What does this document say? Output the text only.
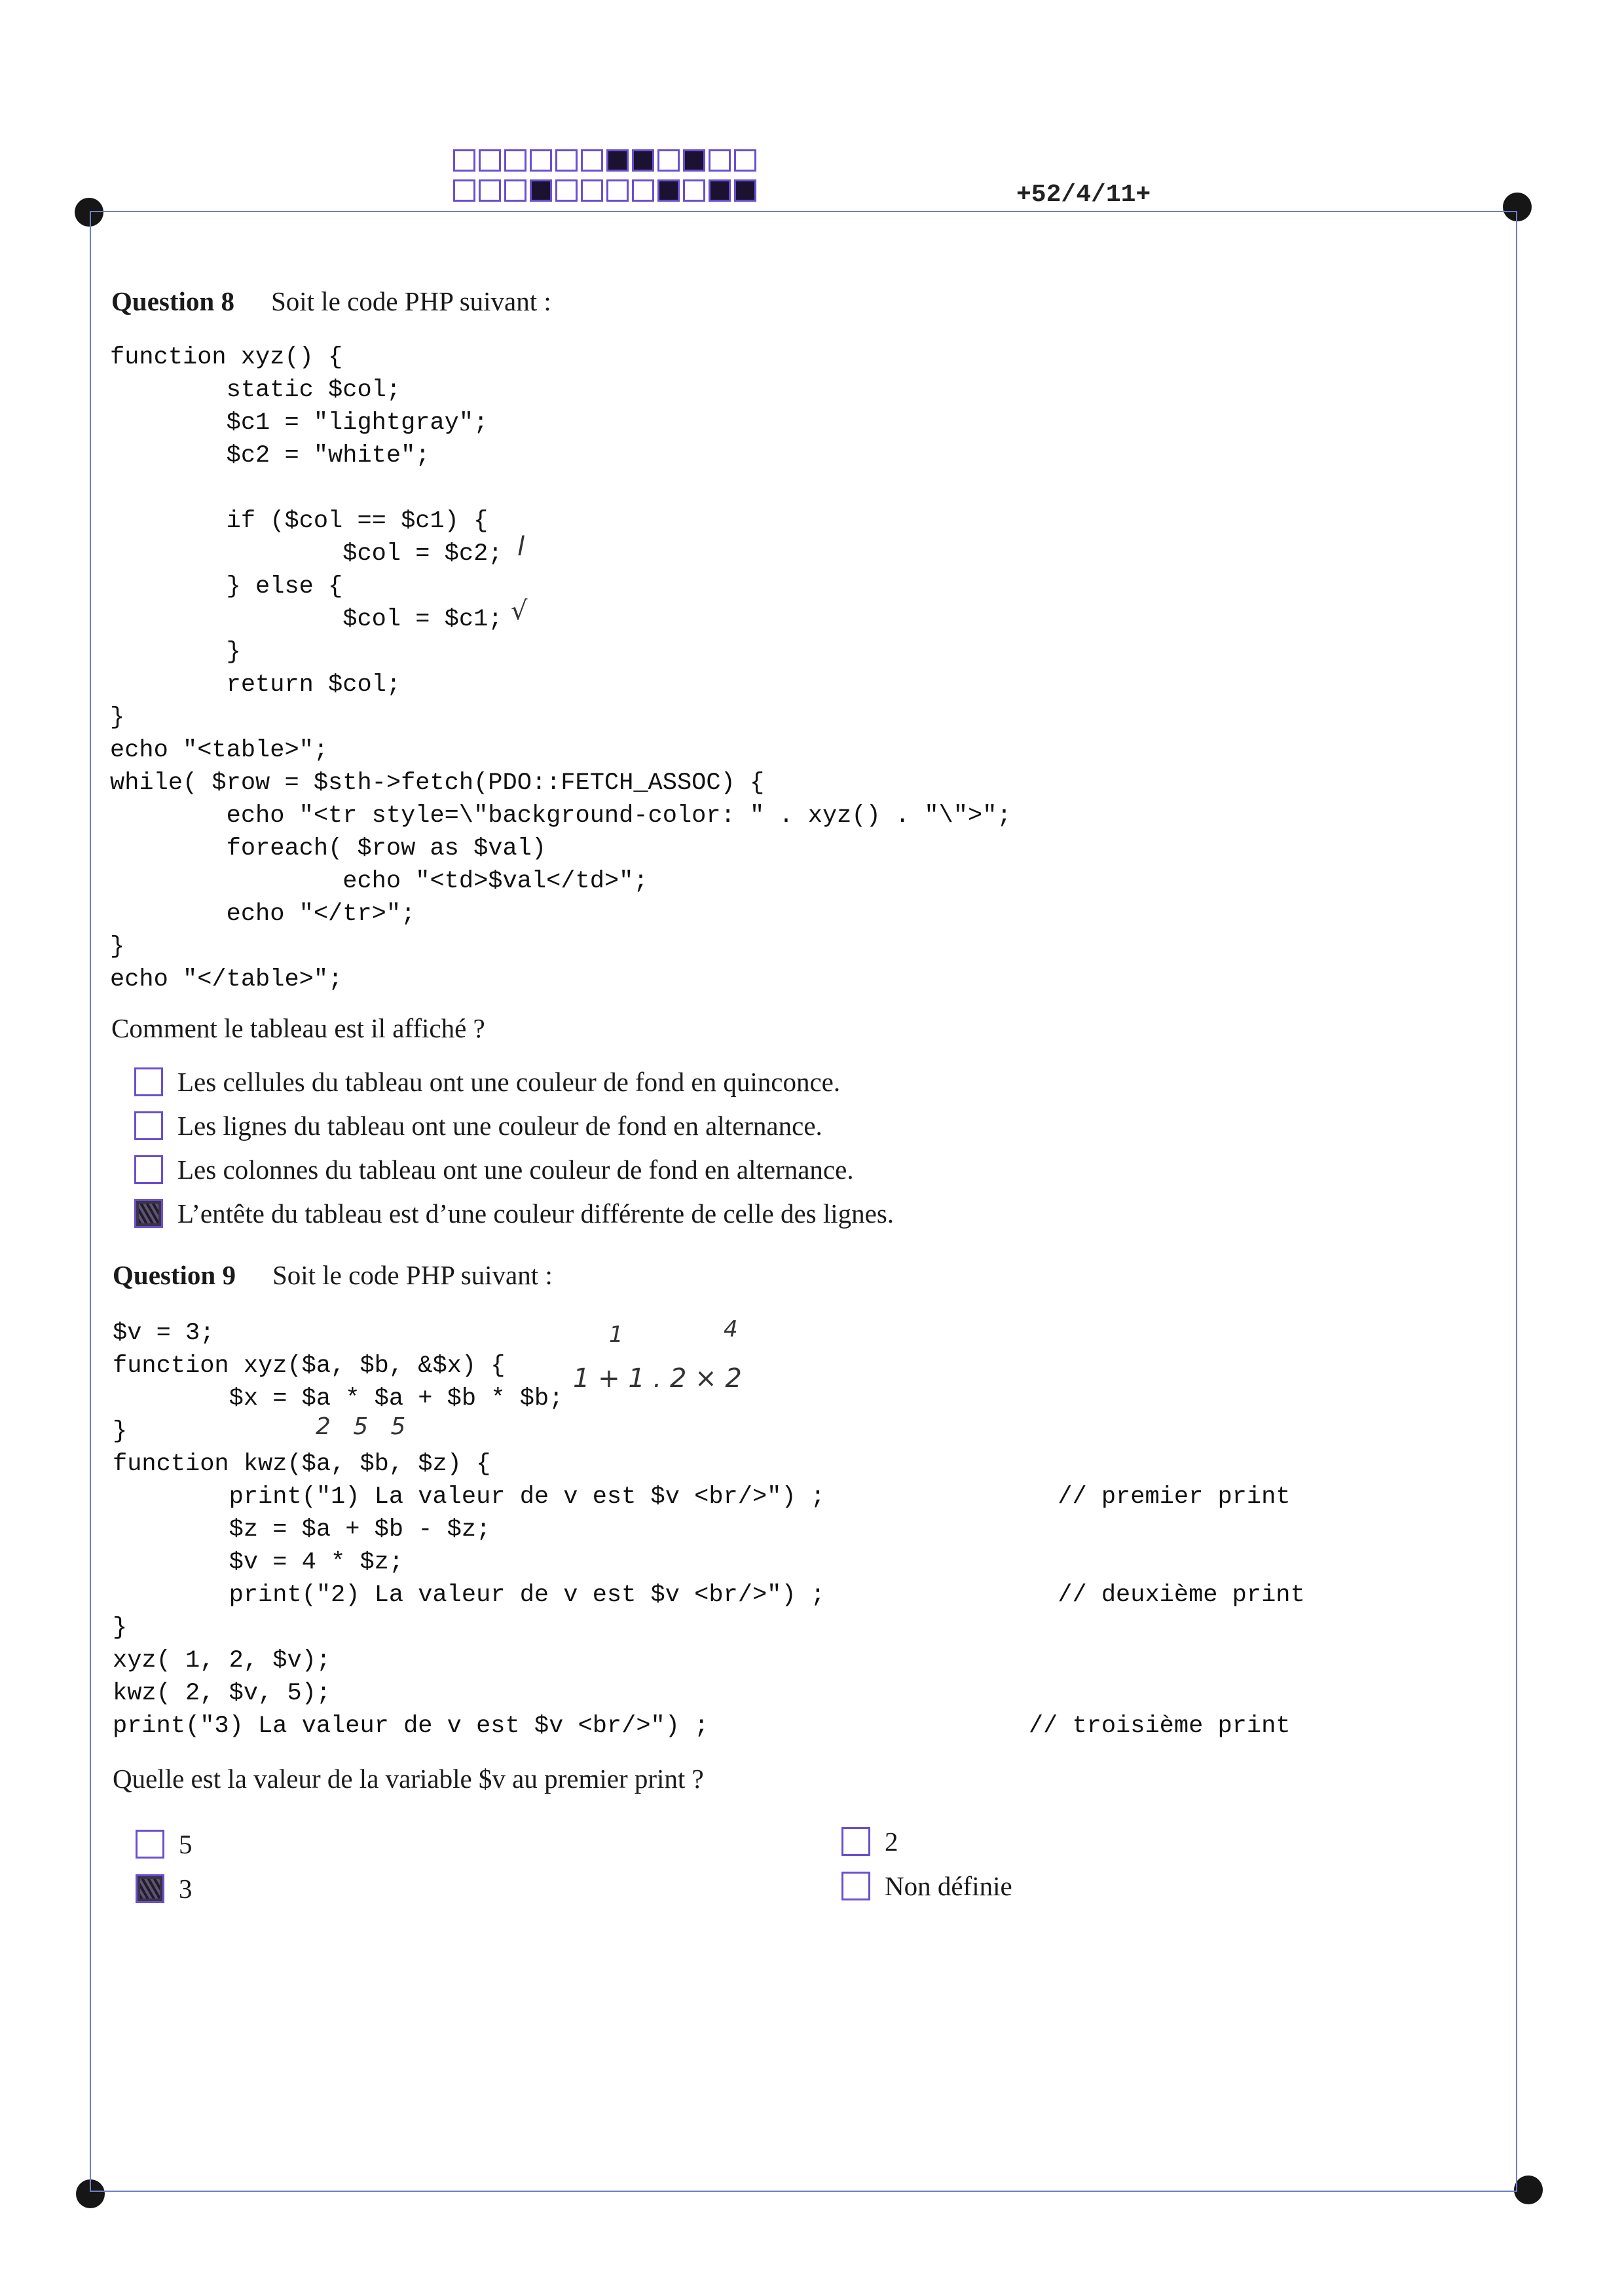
+52/4/11+
Question 8 Soit le code PHP suivant :
function xyz() {
static $col;
$c1 = "lightgray";
$c2 = "white";

if ($col == $c1) {
$col = $c2;
} else {
$col = $c1;
}
return $col;
}
echo "<table>";
while( $row = $sth->fetch(PDO::FETCH_ASSOC) {
echo "<tr style=\"background-color: " . xyz() . "\">";
foreach( $row as $val)
echo "<td>$val</td>";
echo "</tr>";
}
echo "</table>";
l
√
Comment le tableau est il affiché ?
Les cellules du tableau ont une couleur de fond en quinconce.
Les lignes du tableau ont une couleur de fond en alternance.
Les colonnes du tableau ont une couleur de fond en alternance.
L’entête du tableau est d’une couleur différente de celle des lignes.
Question 9 Soit le code PHP suivant :
$v = 3;
function xyz($a, $b, &$x) {
$x = $a * $a + $b * $b;
}
function kwz($a, $b, $z) {
print("1) La valeur de v est $v <br/>") ;                // premier print
$z = $a + $b - $z;
$v = 4 * $z;
print("2) La valeur de v est $v <br/>") ;                // deuxième print
}
xyz( 1, 2, $v);
kwz( 2, $v, 5);
print("3) La valeur de v est $v <br/>") ;                      // troisième print
1	4
1 + 1 . 2 × 2
2   5   5
Quelle est la valeur de la variable $v au premier print ?
5
3
2
Non définie
